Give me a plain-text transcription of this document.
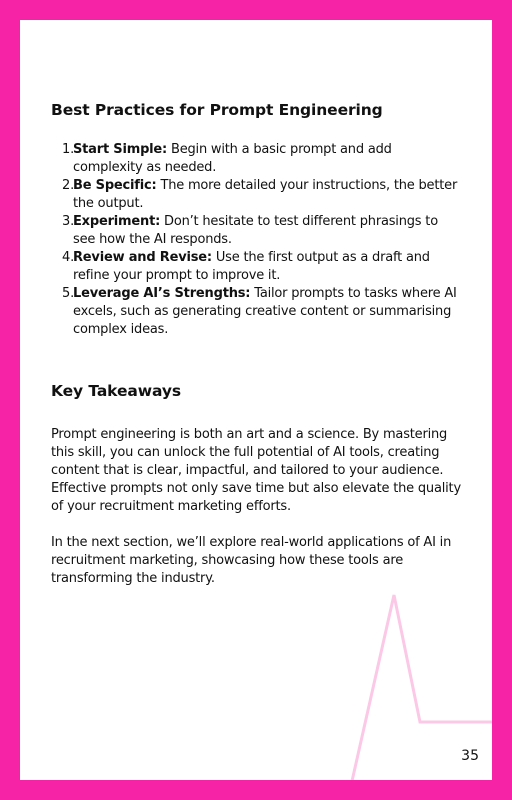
Best Practices for Prompt Engineering
1 . Start Simple: Begin with a basic prompt and add complexity as needed.
2 . Be Specific: The more detailed your instructions, the better the output.
3 . Experiment: Don’t hesitate to test different phrasings to see how the AI responds.
4 . Review and Revise: Use the first output as a draft and refine your prompt to improve it.
5 . Leverage AI’s Strengths: Tailor prompts to tasks where AI excels, such as generating creative content or summarising complex ideas.
Key Takeaways

Prompt engineering is both an art and a science. By mastering this skill, you can unlock the full potential of AI tools, creating content that is clear, impactful, and tailored to your audience. Effective prompts not only save time but also elevate the quality of your recruitment marketing efforts.

In the next section, we’ll explore real-world applications of AI in recruitment marketing, showcasing how these tools are transforming the industry.

35
